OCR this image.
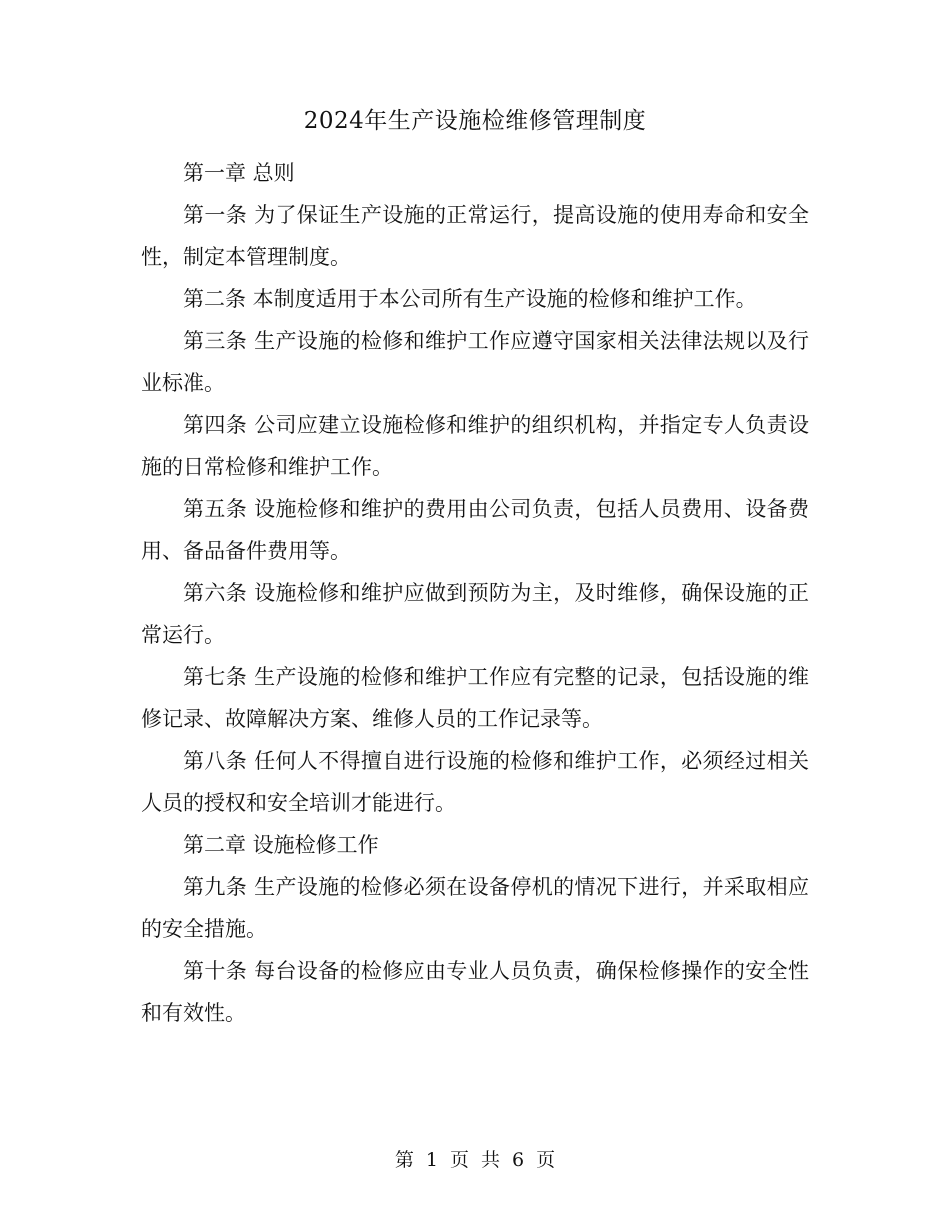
2024年生产设施检维修管理制度

第一章 总则

第一条 为了保证生产设施的正常运行，提高设施的使用寿命和安全性，制定本管理制度。

第二条 本制度适用于本公司所有生产设施的检修和维护工作。

第三条 生产设施的检修和维护工作应遵守国家相关法律法规以及行业标准。

第四条 公司应建立设施检修和维护的组织机构，并指定专人负责设施的日常检修和维护工作。

第五条 设施检修和维护的费用由公司负责，包括人员费用、设备费用、备品备件费用等。

第六条 设施检修和维护应做到预防为主，及时维修，确保设施的正常运行。

第七条 生产设施的检修和维护工作应有完整的记录，包括设施的维修记录、故障解决方案、维修人员的工作记录等。

第八条 任何人不得擅自进行设施的检修和维护工作，必须经过相关人员的授权和安全培训才能进行。

第二章 设施检修工作

第九条 生产设施的检修必须在设备停机的情况下进行，并采取相应的安全措施。

第十条 每台设备的检修应由专业人员负责，确保检修操作的安全性和有效性。

第 1 页 共 6 页
